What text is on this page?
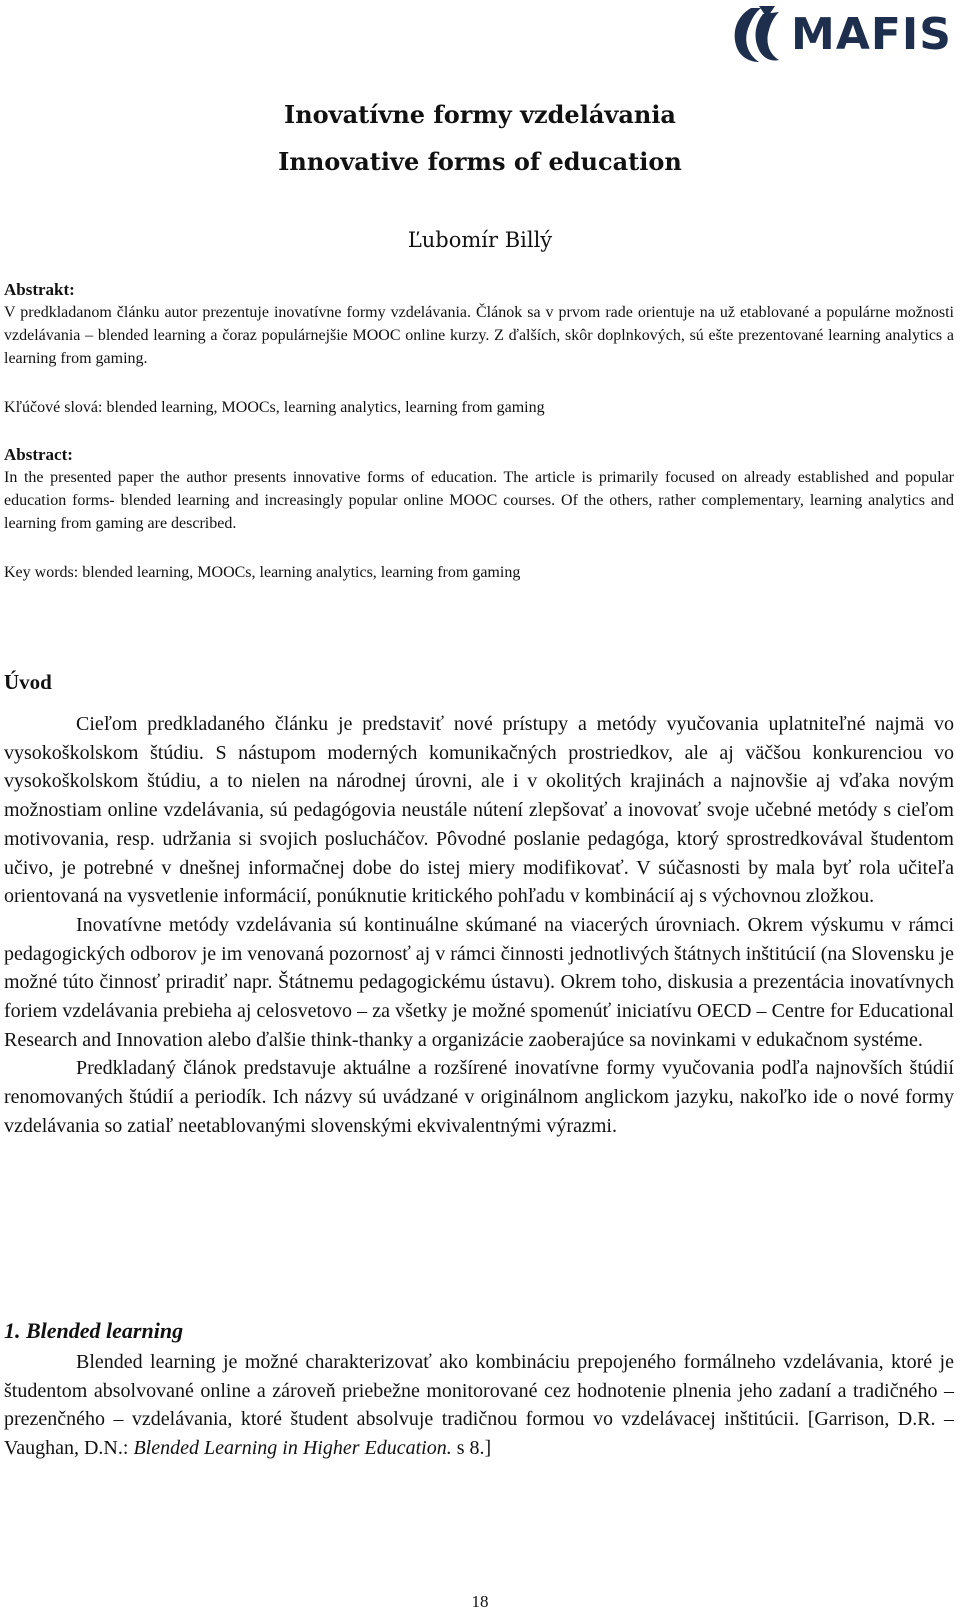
MAFIS
Inovatívne formy vzdelávania
Innovative forms of education
Ľubomír Billý
Abstrakt:

V predkladanom článku autor prezentuje inovatívne formy vzdelávania. Článok sa v prvom rade orientuje na už etablované a populárne možnosti vzdelávania – blended learning a čoraz populárnejšie MOOC online kurzy. Z ďalších, skôr doplnkových, sú ešte prezentované learning analytics a learning from gaming.

Kľúčové slová: blended learning, MOOCs, learning analytics, learning from gaming
Abstract:

In the presented paper the author presents innovative forms of education. The article is primarily focused on already established and popular education forms- blended learning and increasingly popular online MOOC courses. Of the others, rather complementary, learning analytics and learning from gaming are described.

Key words: blended learning, MOOCs, learning analytics, learning from gaming
Úvod

Cieľom predkladaného článku je predstaviť nové prístupy a metódy vyučovania uplatniteľné najmä vo vysokoškolskom štúdiu. S nástupom moderných komunikačných prostriedkov, ale aj väčšou konkurenciou vo vysokoškolskom štúdiu, a to nielen na národnej úrovni, ale i v okolitých krajinách a najnovšie aj vďaka novým možnostiam online vzdelávania, sú pedagógovia neustále nútení zlepšovať a inovovať svoje učebné metódy s cieľom motivovania, resp. udržania si svojich poslucháčov. Pôvodné poslanie pedagóga, ktorý sprostredkovával študentom učivo, je potrebné v dnešnej informačnej dobe do istej miery modifikovať. V súčasnosti by mala byť rola učiteľa orientovaná na vysvetlenie informácií, ponúknutie kritického pohľadu v kombinácií aj s výchovnou zložkou.

Inovatívne metódy vzdelávania sú kontinuálne skúmané na viacerých úrovniach. Okrem výskumu v rámci pedagogických odborov je im venovaná pozornosť aj v rámci činnosti jednotlivých štátnych inštitúcií (na Slovensku je možné túto činnosť priradiť napr. Štátnemu pedagogickému ústavu). Okrem toho, diskusia a prezentácia inovatívnych foriem vzdelávania prebieha aj celosvetovo – za všetky je možné spomenúť iniciatívu OECD – Centre for Educational Research and Innovation alebo ďalšie think-thanky a organizácie zaoberajúce sa novinkami v edukačnom systéme.

Predkladaný článok predstavuje aktuálne a rozšírené inovatívne formy vyučovania podľa najnovších štúdií renomovaných štúdií a periodík. Ich názvy sú uvádzané v originálnom anglickom jazyku, nakoľko ide o nové formy vzdelávania so zatiaľ neetablovanými slovenskými ekvivalentnými výrazmi.

1. Blended learning

Blended learning je možné charakterizovať ako kombináciu prepojeného formálneho vzdelávania, ktoré je študentom absolvované online a zároveň priebežne monitorované cez hodnotenie plnenia jeho zadaní a tradičného – prezenčného – vzdelávania, ktoré študent absolvuje tradičnou formou vo vzdelávacej inštitúcii. [Garrison, D.R. – Vaughan, D.N.: Blended Learning in Higher Education. s 8.]

18
